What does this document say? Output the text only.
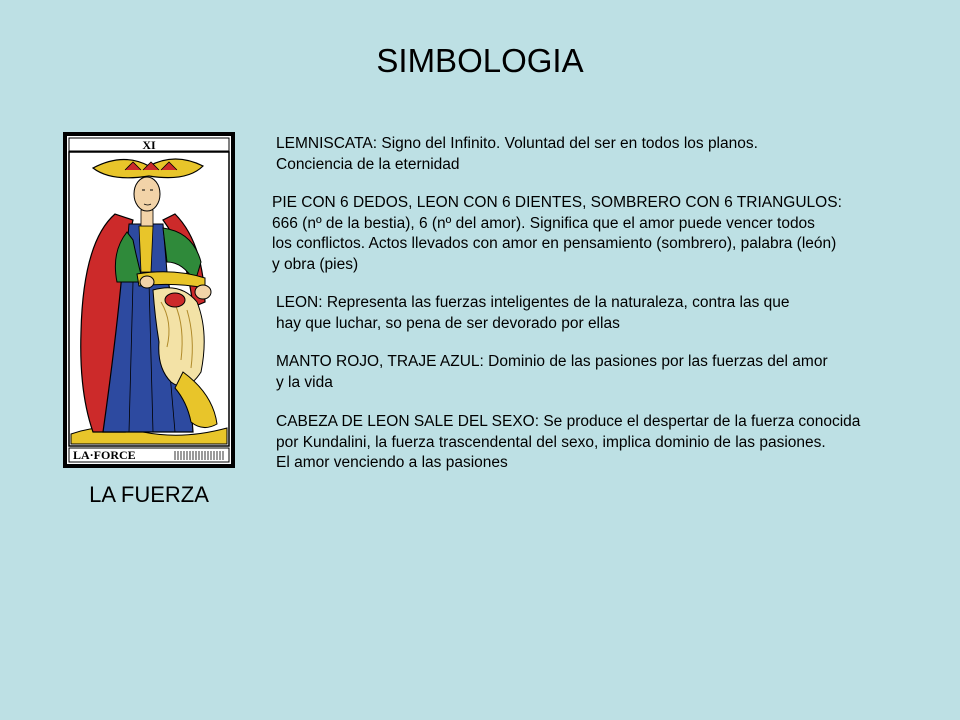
SIMBOLOGIA
XI
LA·FORCE
LA FUERZA
LEMNISCATA: Signo del Infinito. Voluntad del ser en todos los planos.
Conciencia de la eternidad
PIE CON 6 DEDOS, LEON CON 6 DIENTES, SOMBRERO CON 6 TRIANGULOS:
666 (nº de la bestia), 6 (nº del amor). Significa que el amor puede vencer todos
los conflictos. Actos llevados con amor en pensamiento (sombrero), palabra (león)
y obra (pies)
LEON: Representa las fuerzas inteligentes de la naturaleza, contra las que
hay que luchar, so pena de ser devorado por ellas
MANTO ROJO, TRAJE AZUL: Dominio de las pasiones por las fuerzas del amor
y la vida
CABEZA DE LEON SALE DEL SEXO: Se produce el despertar de la fuerza conocida
por Kundalini, la fuerza trascendental del sexo, implica dominio de las pasiones.
El amor venciendo a las pasiones
